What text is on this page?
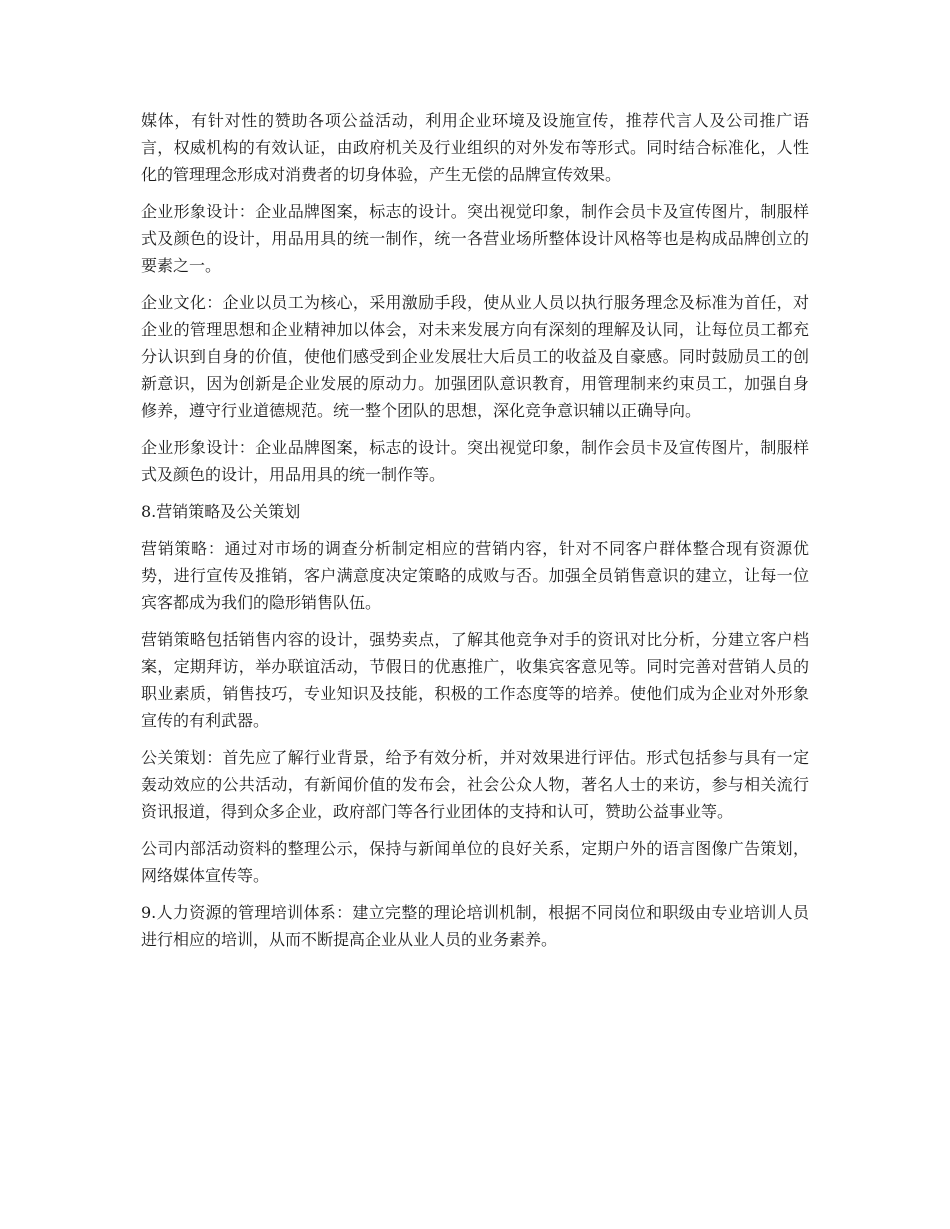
媒体，有针对性的赞助各项公益活动，利用企业环境及设施宣传，推荐代言人及公司推广语言，权威机构的有效认证，由政府机关及行业组织的对外发布等形式。同时结合标准化，人性化的管理理念形成对消费者的切身体验，产生无偿的品牌宣传效果。

企业形象设计：企业品牌图案，标志的设计。突出视觉印象，制作会员卡及宣传图片，制服样式及颜色的设计，用品用具的统一制作，统一各营业场所整体设计风格等也是构成品牌创立的要素之一。

企业文化：企业以员工为核心，采用激励手段，使从业人员以执行服务理念及标准为首任，对企业的管理思想和企业精神加以体会，对未来发展方向有深刻的理解及认同，让每位员工都充分认识到自身的价值，使他们感受到企业发展壮大后员工的收益及自豪感。同时鼓励员工的创新意识，因为创新是企业发展的原动力。加强团队意识教育，用管理制来约束员工，加强自身修养，遵守行业道德规范。统一整个团队的思想，深化竞争意识辅以正确导向。

企业形象设计：企业品牌图案，标志的设计。突出视觉印象，制作会员卡及宣传图片，制服样式及颜色的设计，用品用具的统一制作等。

8.营销策略及公关策划

营销策略：通过对市场的调查分析制定相应的营销内容，针对不同客户群体整合现有资源优势，进行宣传及推销，客户满意度决定策略的成败与否。加强全员销售意识的建立，让每一位宾客都成为我们的隐形销售队伍。

营销策略包括销售内容的设计，强势卖点，了解其他竞争对手的资讯对比分析，分建立客户档案，定期拜访，举办联谊活动，节假日的优惠推广，收集宾客意见等。同时完善对营销人员的职业素质，销售技巧，专业知识及技能，积极的工作态度等的培养。使他们成为企业对外形象宣传的有利武器。

公关策划：首先应了解行业背景，给予有效分析，并对效果进行评估。形式包括参与具有一定轰动效应的公共活动，有新闻价值的发布会，社会公众人物，著名人士的来访，参与相关流行资讯报道，得到众多企业，政府部门等各行业团体的支持和认可，赞助公益事业等。

公司内部活动资料的整理公示，保持与新闻单位的良好关系，定期户外的语言图像广告策划，网络媒体宣传等。

9.人力资源的管理培训体系：建立完整的理论培训机制，根据不同岗位和职级由专业培训人员进行相应的培训，从而不断提高企业从业人员的业务素养。
